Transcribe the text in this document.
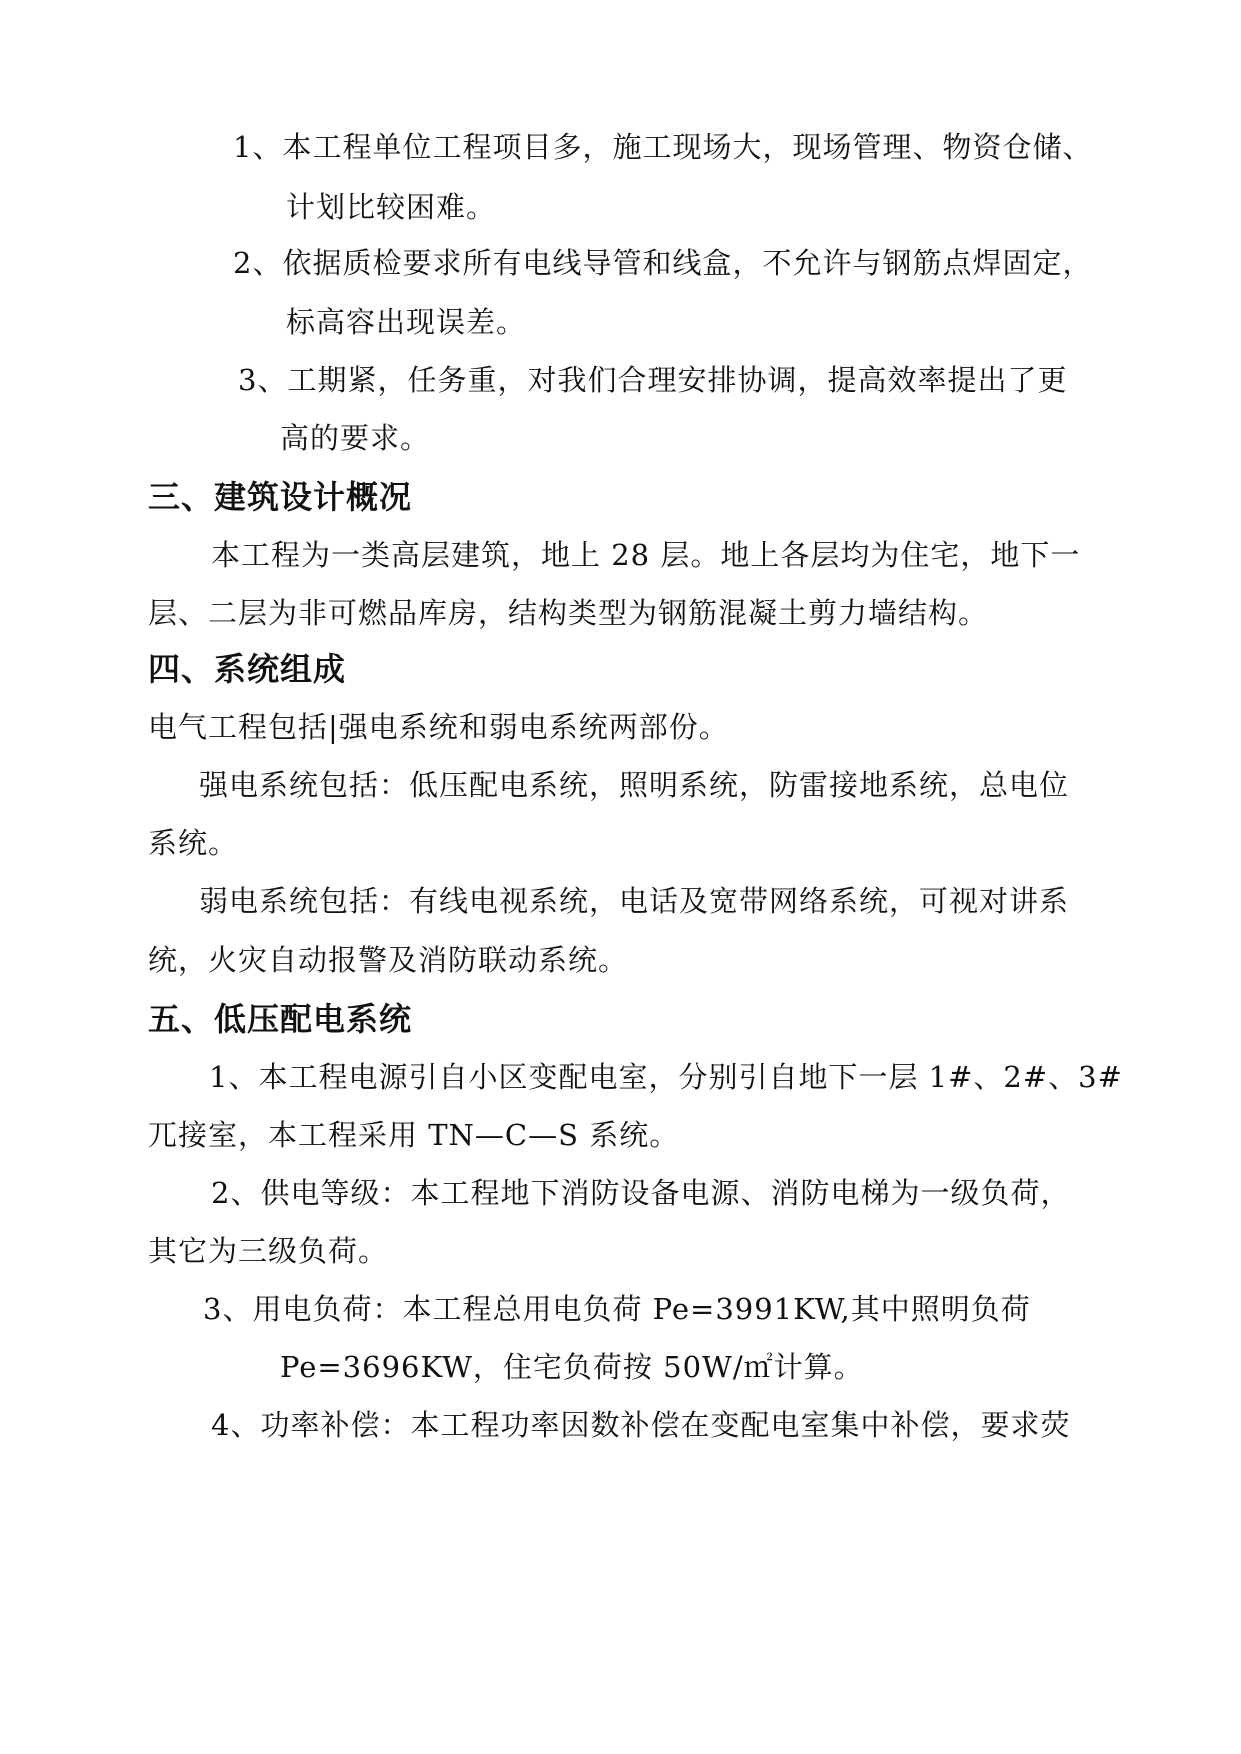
1、本工程单位工程项目多，施工现场大，现场管理、物资仓储、
计划比较困难。
2、依据质检要求所有电线导管和线盒，不允许与钢筋点焊固定，
标高容出现误差。
3、工期紧，任务重，对我们合理安排协调，提高效率提出了更
高的要求。
三、建筑设计概况
本工程为一类高层建筑，地上 28 层。地上各层均为住宅，地下一
层、二层为非可燃品库房，结构类型为钢筋混凝土剪力墙结构。
四、系统组成
电气工程包括|强电系统和弱电系统两部份。
强电系统包括：低压配电系统，照明系统，防雷接地系统，总电位
系统。
弱电系统包括：有线电视系统，电话及宽带网络系统，可视对讲系
统，火灾自动报警及消防联动系统。
五、低压配电系统
1、本工程电源引自小区变配电室，分别引自地下一层 1#、2#、3#
兀接室，本工程采用 TN—C—S 系统。
2、供电等级：本工程地下消防设备电源、消防电梯为一级负荷，
其它为三级负荷。
3、用电负荷：本工程总用电负荷 Pe=3991KW,其中照明负荷
Pe=3696KW，住宅负荷按 50W/㎡计算。
4、功率补偿：本工程功率因数补偿在变配电室集中补偿，要求荧
